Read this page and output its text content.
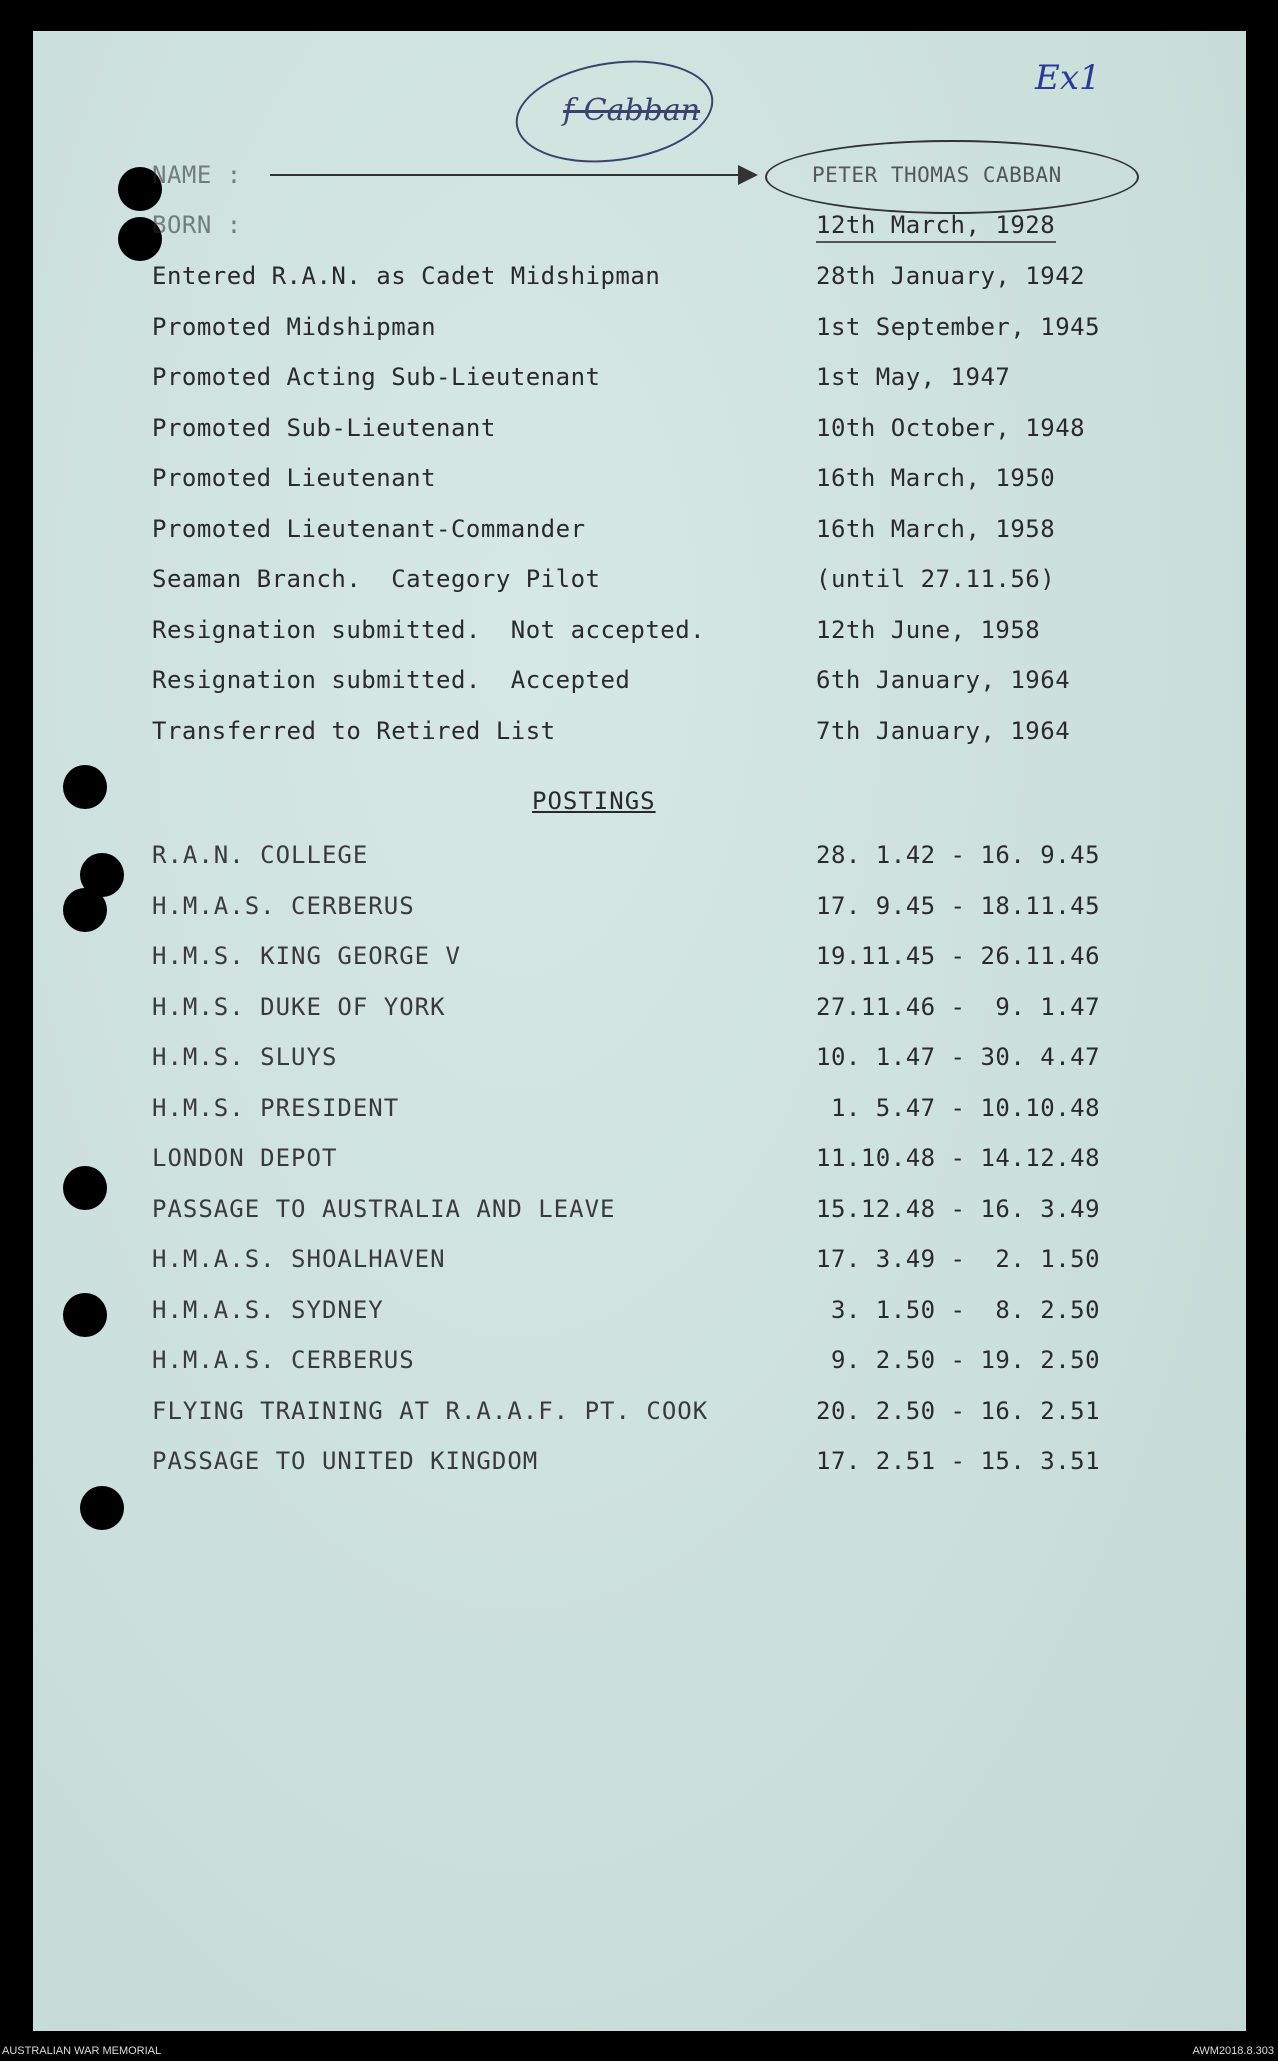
Ex1
f Cabban
NAME :	PETER THOMAS CABBAN
BORN :	12th March, 1928
Entered R.A.N. as Cadet Midshipman	28th January, 1942
Promoted Midshipman	1st September, 1945
Promoted Acting Sub-Lieutenant	1st May, 1947
Promoted Sub-Lieutenant	10th October, 1948
Promoted Lieutenant	16th March, 1950
Promoted Lieutenant-Commander	16th March, 1958
Seaman Branch.  Category Pilot	(until 27.11.56)
Resignation submitted.  Not accepted.	12th June, 1958
Resignation submitted.  Accepted	6th January, 1964
Transferred to Retired List	7th January, 1964
POSTINGS
R.A.N. COLLEGE	28. 1.42 - 16. 9.45
H.M.A.S. CERBERUS	17. 9.45 - 18.11.45
H.M.S. KING GEORGE V	19.11.45 - 26.11.46
H.M.S. DUKE OF YORK	27.11.46 -  9. 1.47
H.M.S. SLUYS	10. 1.47 - 30. 4.47
H.M.S. PRESIDENT	1. 5.47 - 10.10.48
LONDON DEPOT	11.10.48 - 14.12.48
PASSAGE TO AUSTRALIA AND LEAVE	15.12.48 - 16. 3.49
H.M.A.S. SHOALHAVEN	17. 3.49 -  2. 1.50
H.M.A.S. SYDNEY	3. 1.50 -  8. 2.50
H.M.A.S. CERBERUS	9. 2.50 - 19. 2.50
FLYING TRAINING AT R.A.A.F. PT. COOK	20. 2.50 - 16. 2.51
PASSAGE TO UNITED KINGDOM	17. 2.51 - 15. 3.51
AUSTRALIAN WAR MEMORIAL	AWM2018.8.303
